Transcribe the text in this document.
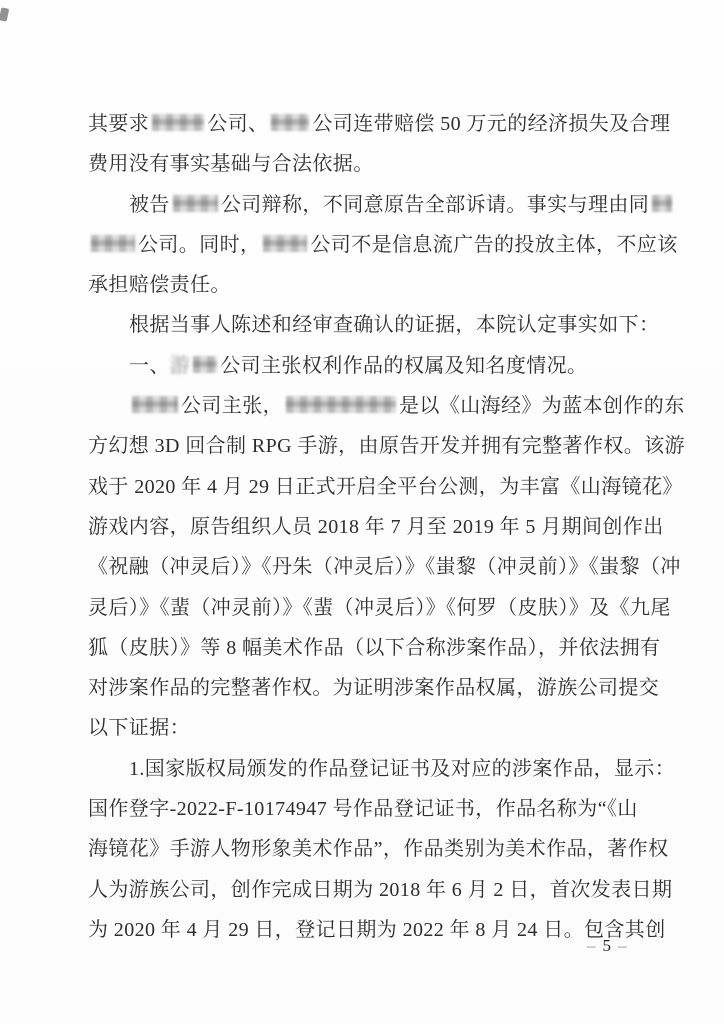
其要求	公司、 公司连带赔偿 50 万元的经济损失及合理
费用没有事实基础与合法依据。
被告	公司辩称，不同意原告全部诉请。事实与理由同
公司。同时，	公司不是信息流广告的投放主体，不应该
承担赔偿责任。
根据当事人陈述和经审查确认的证据，本院认定事实如下：
一、游 公司主张权利作品的权属及知名度情况。
公司主张，	是以《山海经》为蓝本创作的东
方幻想 3D 回合制 RPG 手游，由原告开发并拥有完整著作权。该游
戏于 2020 年 4 月 29 日正式开启全平台公测，为丰富《山海镜花》
游戏内容，原告组织人员 2018 年 7 月至 2019 年 5 月期间创作出
《祝融（冲灵后）》《丹朱（冲灵后）》《蚩黎（冲灵前）》《蚩黎（冲
灵后）》《蜚（冲灵前）》《蜚（冲灵后）》《何罗（皮肤）》及《九尾
狐（皮肤）》等 8 幅美术作品（以下合称涉案作品），并依法拥有
对涉案作品的完整著作权。为证明涉案作品权属，游族公司提交
以下证据：
1.国家版权局颁发的作品登记证书及对应的涉案作品，显示：
国作登字-2022-F-10174947 号作品登记证书，作品名称为“《山
海镜花》手游人物形象美术作品”，作品类别为美术作品，著作权
人为游族公司，创作完成日期为 2018 年 6 月 2 日，首次发表日期
为 2020 年 4 月 29 日，登记日期为 2022 年 8 月 24 日。包含其创
– 5 –
